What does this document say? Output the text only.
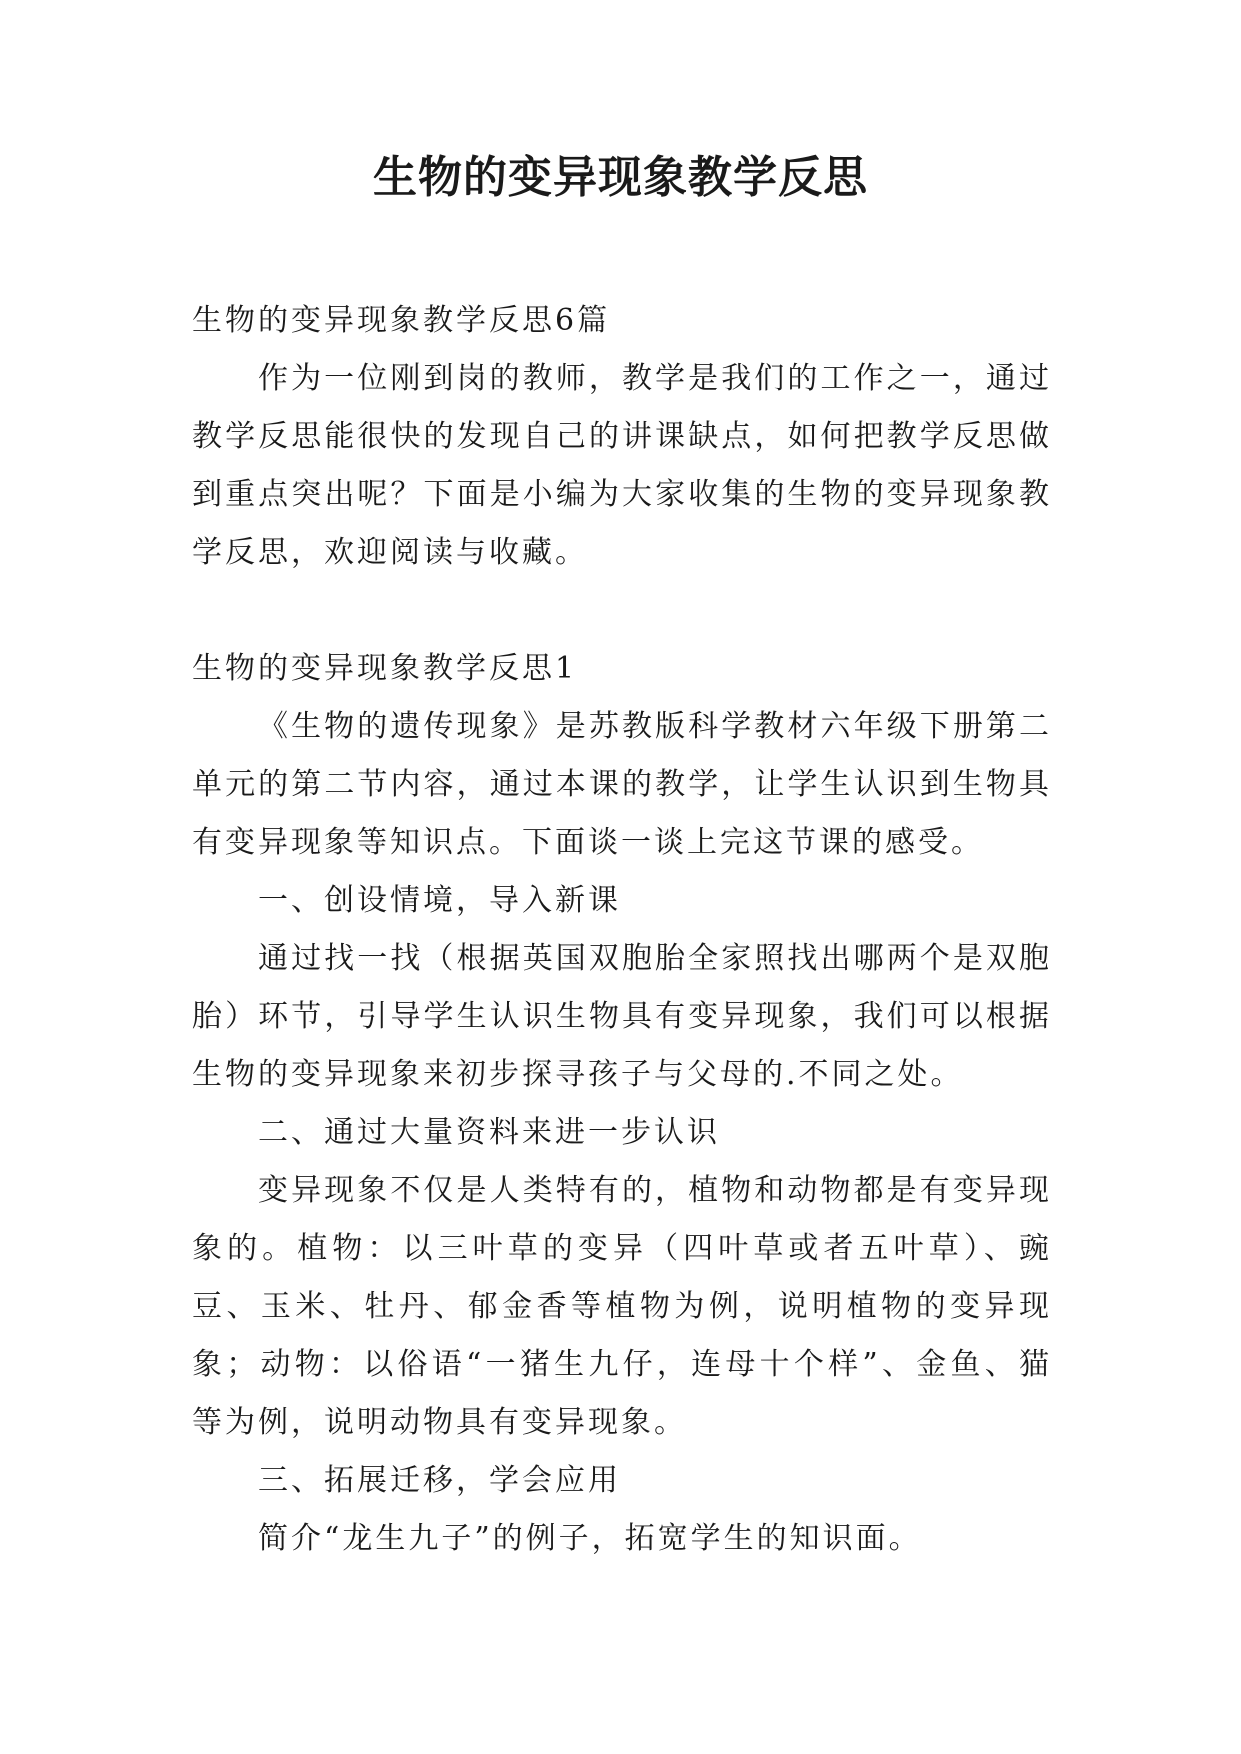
生物的变异现象教学反思

生物的变异现象教学反思6篇

作为一位刚到岗的教师，教学是我们的工作之一，通过教学反思能很快的发现自己的讲课缺点，如何把教学反思做到重点突出呢？下面是小编为大家收集的生物的变异现象教学反思，欢迎阅读与收藏。

生物的变异现象教学反思1

《生物的遗传现象》是苏教版科学教材六年级下册第二单元的第二节内容，通过本课的教学，让学生认识到生物具有变异现象等知识点。下面谈一谈上完这节课的感受。

一、创设情境，导入新课

通过找一找（根据英国双胞胎全家照找出哪两个是双胞胎）环节，引导学生认识生物具有变异现象，我们可以根据生物的变异现象来初步探寻孩子与父母的.不同之处。

二、通过大量资料来进一步认识

变异现象不仅是人类特有的，植物和动物都是有变异现象的。植物：以三叶草的变异（四叶草或者五叶草）、豌豆、玉米、牡丹、郁金香等植物为例，说明植物的变异现象；动物：以俗语“一猪生九仔，连母十个样”、金鱼、猫等为例，说明动物具有变异现象。

三、拓展迁移，学会应用

简介“龙生九子”的例子，拓宽学生的知识面。
